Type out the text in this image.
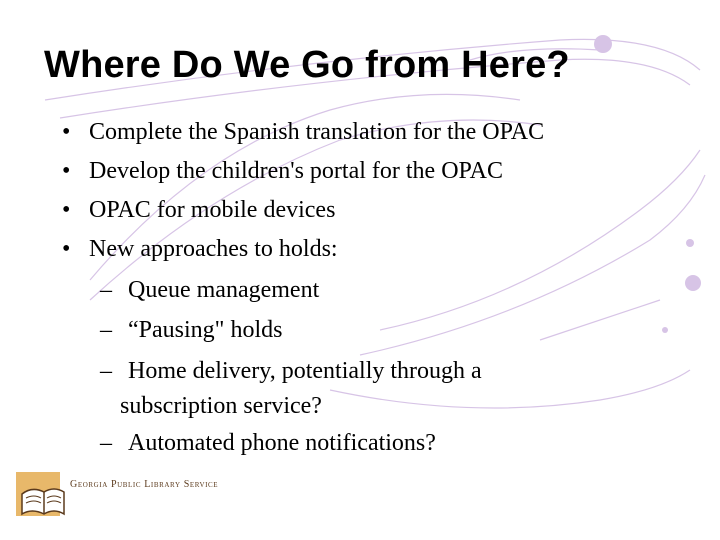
Where Do We Go from Here?
• Complete the Spanish translation for the OPAC
• Develop the children's portal for the OPAC
• OPAC for mobile devices
• New approaches to holds:
– Queue management
– “Pausing" holds
– Home delivery, potentially through a
subscription service?
– Automated phone notifications?
Georgia Public Library Service
